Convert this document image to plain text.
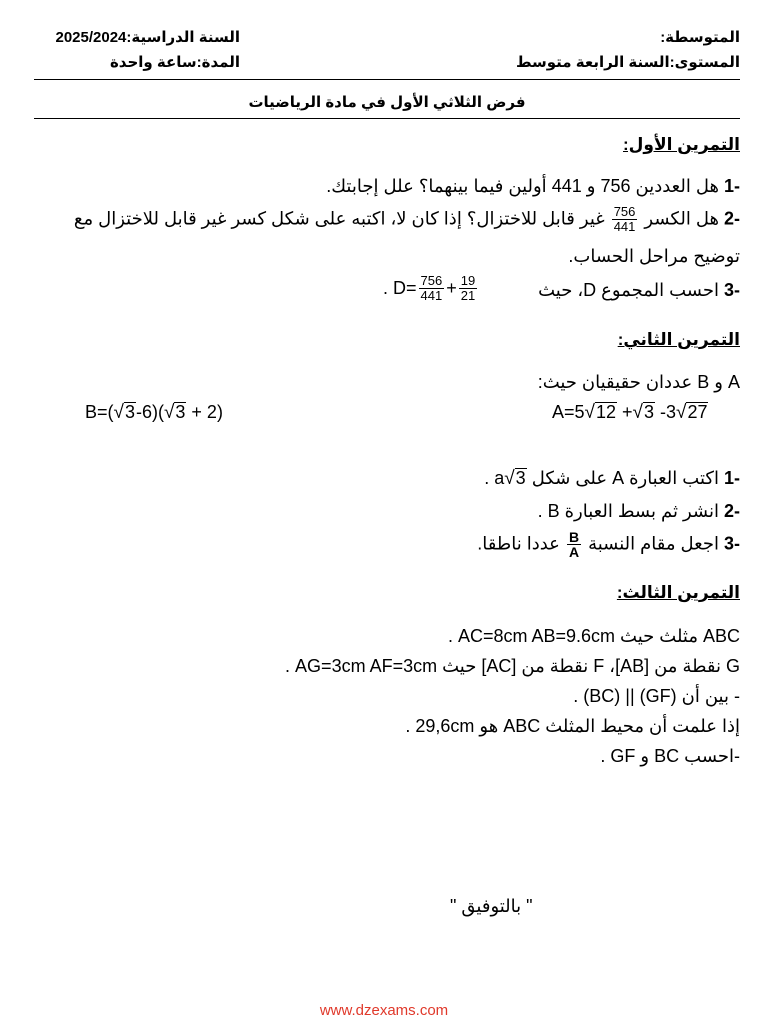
المتوسطة:
المستوى:السنة الرابعة متوسط
السنة الدراسية:2025/2024
المدة:ساعة واحدة
فرض الثلاثي الأول في مادة الرياضيات
التمرين الأول:
-1 هل العددين 756 و 441 أولين فيما بينهما؟ علل إجابتك.
-2 هل الكسر
$\frac{756}{441}$
غير قابل للاختزال؟ إذا كان لا، اكتبه على شكل كسر غير قابل للاختزال مع
توضيح مراحل الحساب.
-3 احسب المجموع D، حيث
.
$D= \frac{756}{441} + \frac{19}{21}$
التمرين الثاني:
A و B عددان حقيقيان حيث:
A=5 √ 12 + √ 3 -3 √ 27
B=( √ 3 -6)( √ 3 + 2)
-1 اكتب العبارة A على شكل a √ 3
.
-2 انشر ثم بسط العبارة B .
-3 اجعل مقام النسبة
$\frac{B}{A}$
عددا ناطقا.
التمرين الثالث:
ABC مثلث حيث AC=8cm AB=9.6cm .
G نقطة من [AB]، F نقطة من [AC] حيث AG=3cm AF=3cm .
- بين أن (GF) || (BC) .
إذا علمت أن محيط المثلث ABC هو 29,6cm .
-احسب BC و GF .
" بالتوفيق "
www.dzexams.com
